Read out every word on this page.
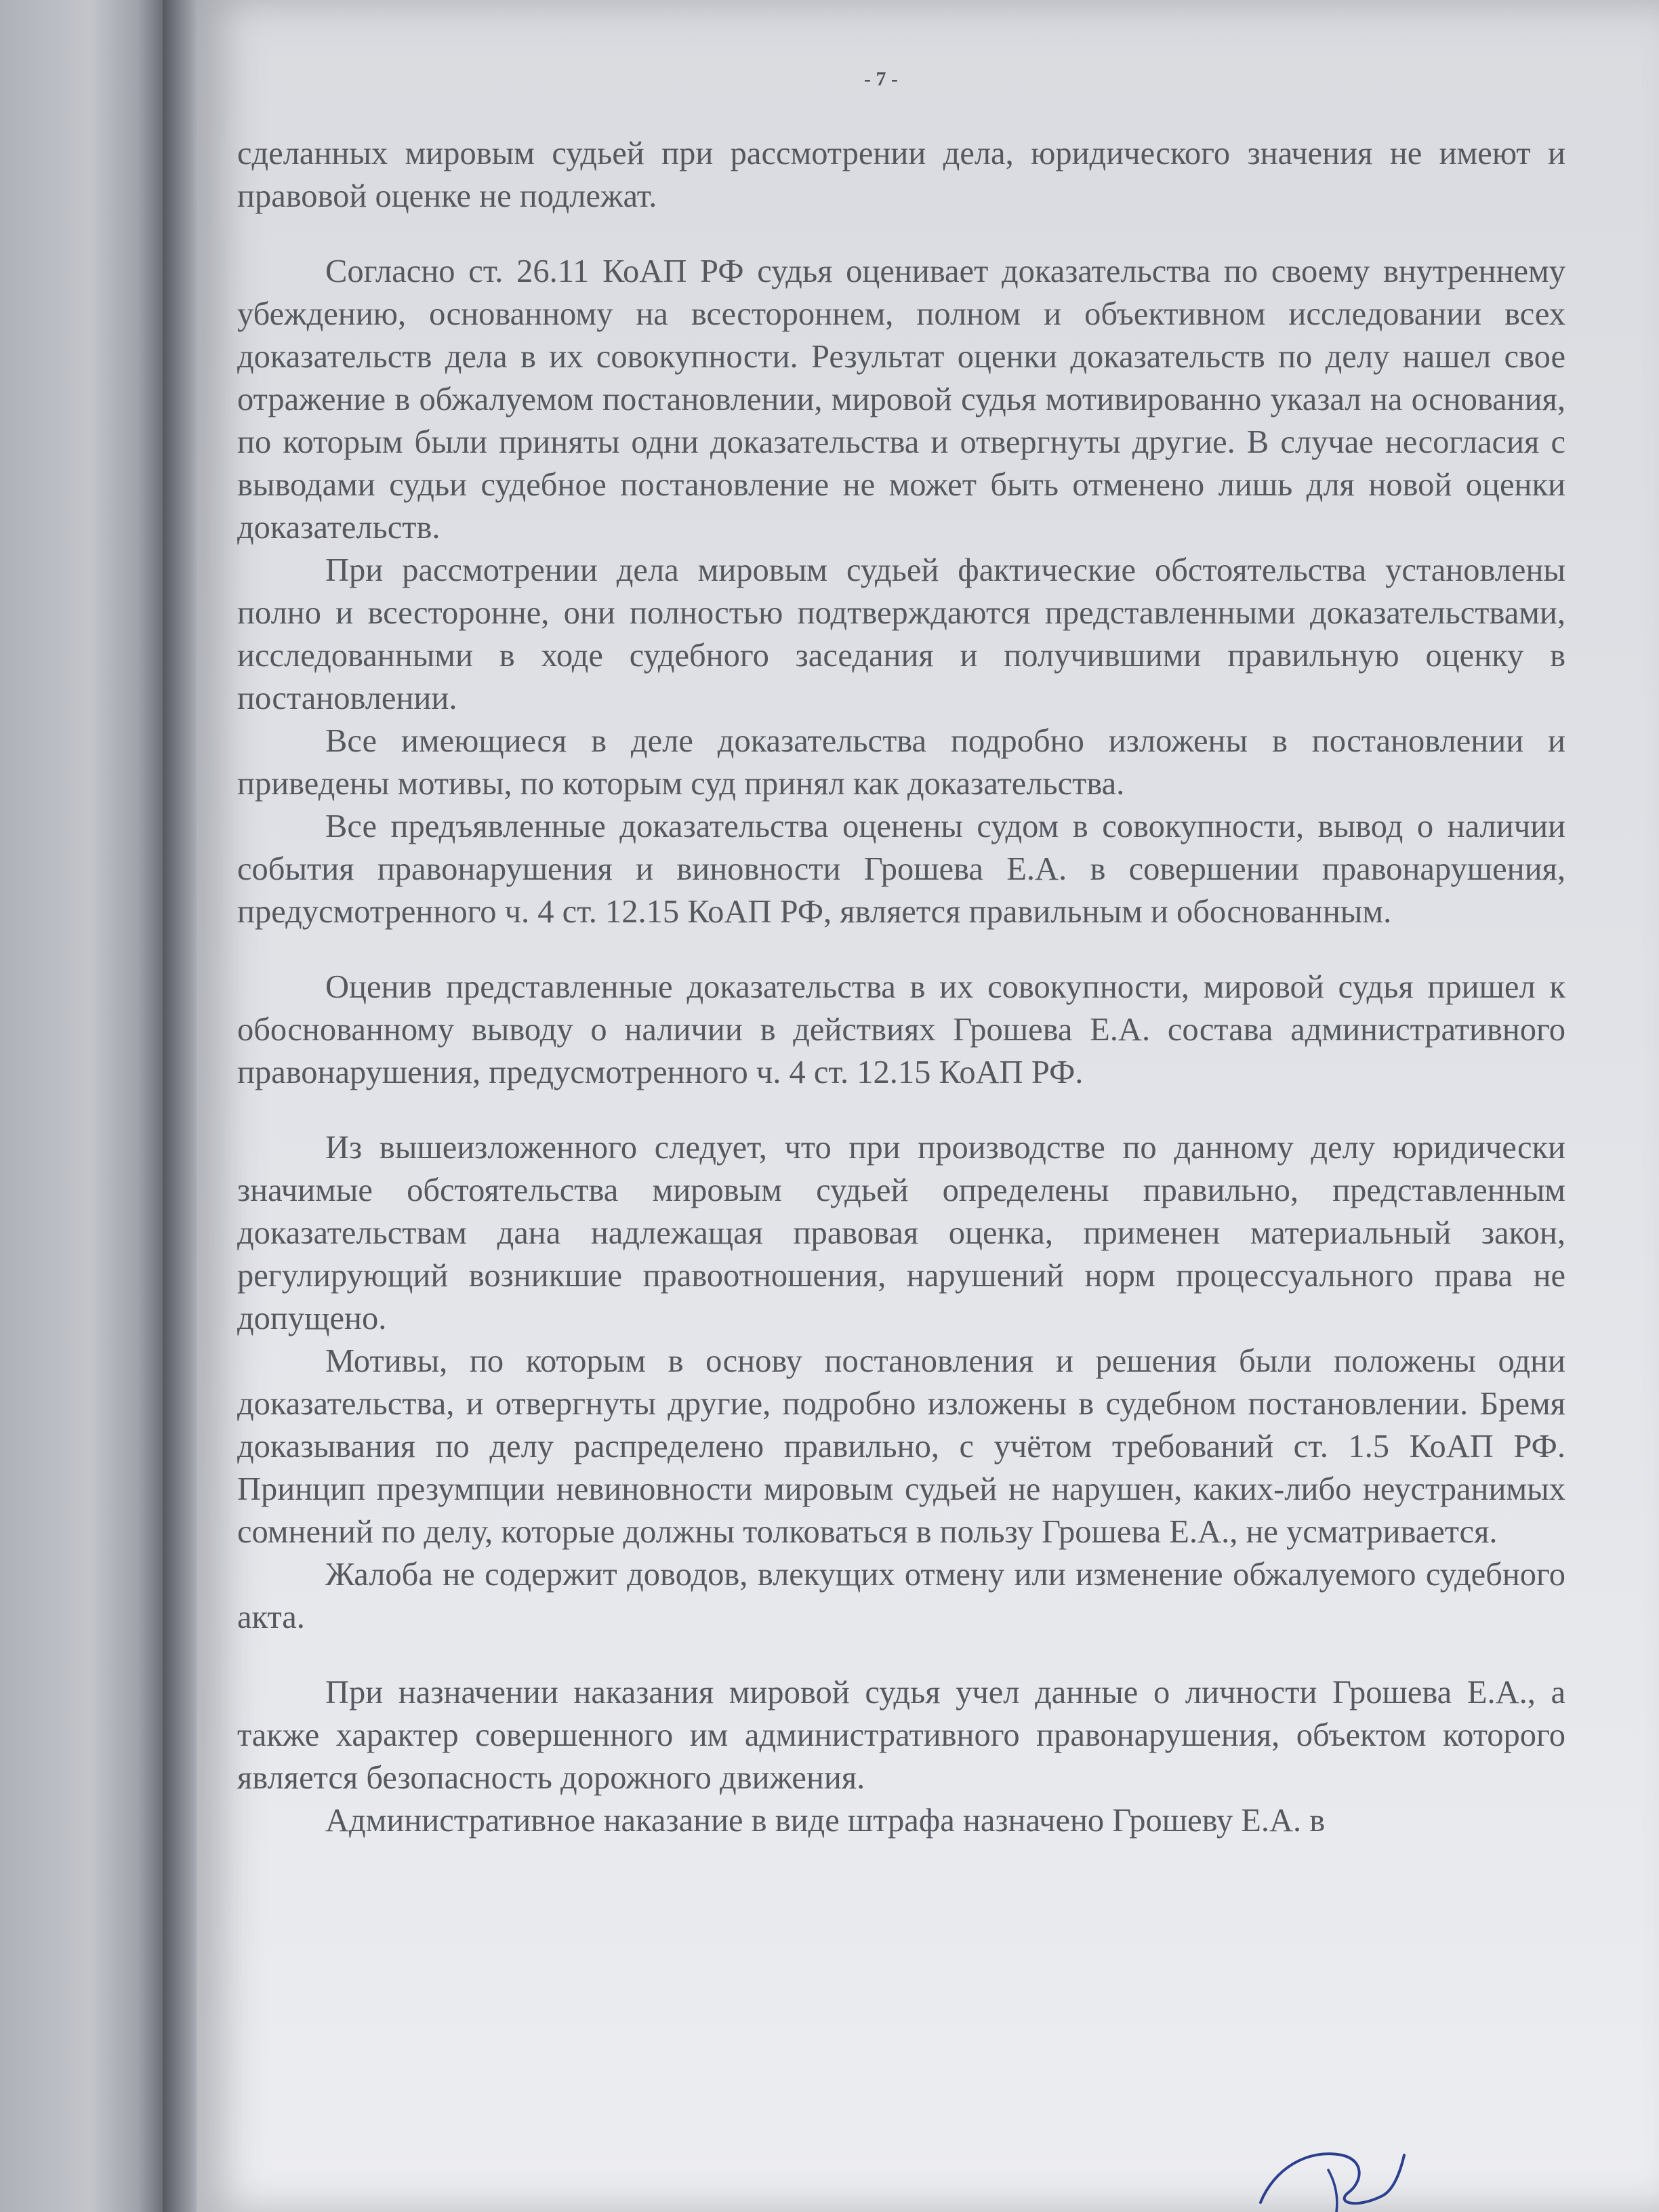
- 7 -

сделанных мировым судьей при рассмотрении дела, юридического значения не имеют и правовой оценке не подлежат.

Согласно ст. 26.11 КоАП РФ судья оценивает доказательства по своему внутреннему убеждению, основанному на всестороннем, полном и объективном исследовании всех доказательств дела в их совокупности. Результат оценки доказательств по делу нашел свое отражение в обжалуемом постановлении, мировой судья мотивированно указал на основания, по которым были приняты одни доказательства и отвергнуты другие. В случае несогласия с выводами судьи судебное постановление не может быть отменено лишь для новой оценки доказательств.

При рассмотрении дела мировым судьей фактические обстоятельства установлены полно и всесторонне, они полностью подтверждаются представленными доказательствами, исследованными в ходе судебного заседания и получившими правильную оценку в постановлении.

Все имеющиеся в деле доказательства подробно изложены в постановлении и приведены мотивы, по которым суд принял как доказательства.

Все предъявленные доказательства оценены судом в совокупности, вывод о наличии события правонарушения и виновности Грошева Е.А. в совершении правонарушения, предусмотренного ч. 4 ст. 12.15 КоАП РФ, является правильным и обоснованным.

Оценив представленные доказательства в их совокупности, мировой судья пришел к обоснованному выводу о наличии в действиях Грошева Е.А. состава административного правонарушения, предусмотренного ч. 4 ст. 12.15 КоАП РФ.

Из вышеизложенного следует, что при производстве по данному делу юридически значимые обстоятельства мировым судьей определены правильно, представленным доказательствам дана надлежащая правовая оценка, применен материальный закон, регулирующий возникшие правоотношения, нарушений норм процессуального права не допущено.

Мотивы, по которым в основу постановления и решения были положены одни доказательства, и отвергнуты другие, подробно изложены в судебном постановлении. Бремя доказывания по делу распределено правильно, с учётом требований ст. 1.5 КоАП РФ. Принцип презумпции невиновности мировым судьей не нарушен, каких-либо неустранимых сомнений по делу, которые должны толковаться в пользу Грошева Е.А., не усматривается.

Жалоба не содержит доводов, влекущих отмену или изменение обжалуемого судебного акта.

При назначении наказания мировой судья учел данные о личности Грошева Е.А., а также характер совершенного им административного правонарушения, объектом которого является безопасность дорожного движения.

Административное наказание в виде штрафа назначено Грошеву Е.А. в
